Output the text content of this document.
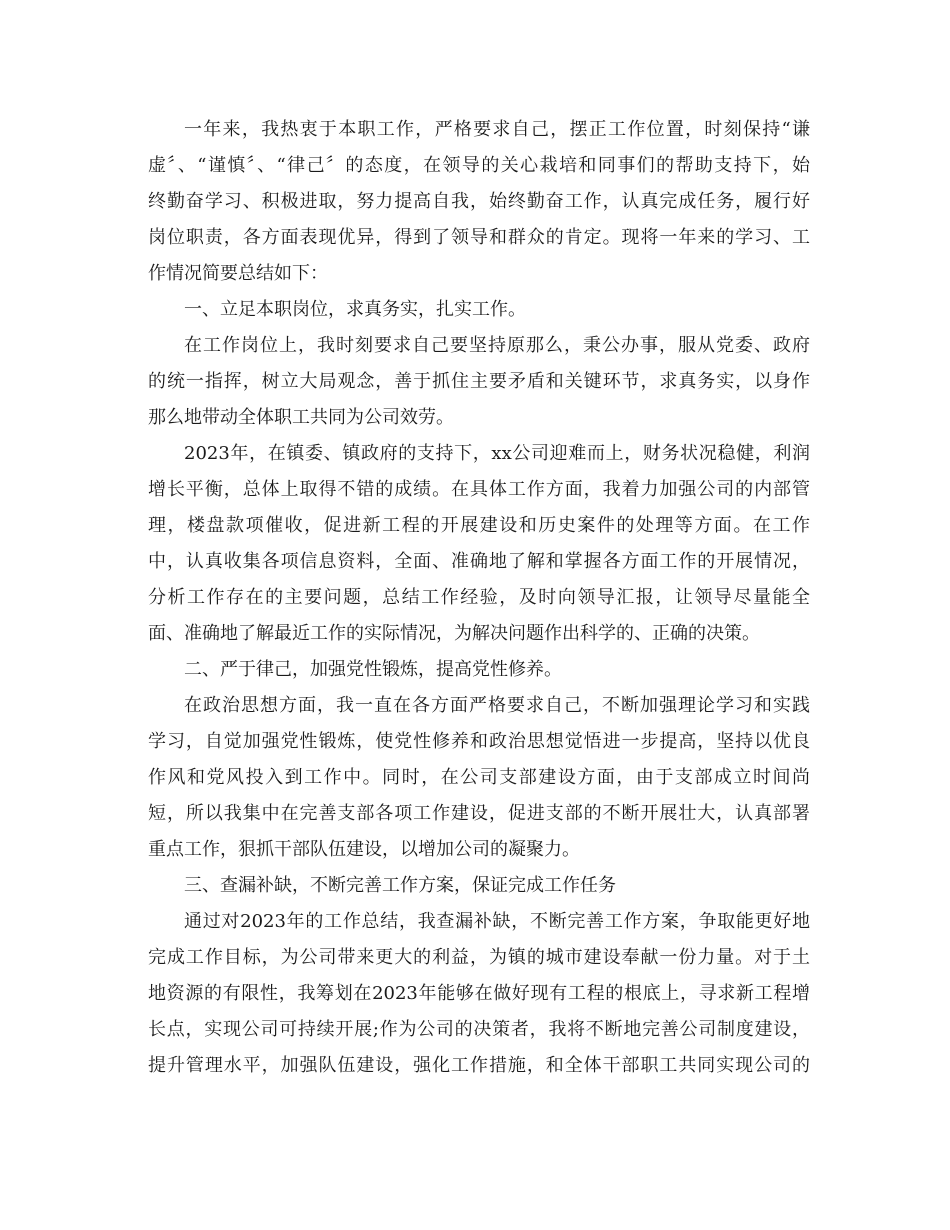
一年来，我热衷于本职工作，严格要求自己，摆正工作位置，时刻保持“谦
虚〞、“谨慎〞、“律己〞的态度，在领导的关心栽培和同事们的帮助支持下，始
终勤奋学习、积极进取，努力提高自我，始终勤奋工作，认真完成任务，履行好
岗位职责，各方面表现优异，得到了领导和群众的肯定。现将一年来的学习、工
作情况简要总结如下：
一、立足本职岗位，求真务实，扎实工作。
在工作岗位上，我时刻要求自己要坚持原那么，秉公办事，服从党委、政府
的统一指挥，树立大局观念，善于抓住主要矛盾和关键环节，求真务实，以身作
那么地带动全体职工共同为公司效劳。
2023年，在镇委、镇政府的支持下，xx公司迎难而上，财务状况稳健，利润
增长平衡，总体上取得不错的成绩。在具体工作方面，我着力加强公司的内部管
理，楼盘款项催收，促进新工程的开展建设和历史案件的处理等方面。在工作
中，认真收集各项信息资料，全面、准确地了解和掌握各方面工作的开展情况，
分析工作存在的主要问题，总结工作经验，及时向领导汇报，让领导尽量能全
面、准确地了解最近工作的实际情况，为解决问题作出科学的、正确的决策。
二、严于律己，加强党性锻炼，提高党性修养。
在政治思想方面，我一直在各方面严格要求自己，不断加强理论学习和实践
学习，自觉加强党性锻炼，使党性修养和政治思想觉悟进一步提高，坚持以优良
作风和党风投入到工作中。同时，在公司支部建设方面，由于支部成立时间尚
短，所以我集中在完善支部各项工作建设，促进支部的不断开展壮大，认真部署
重点工作，狠抓干部队伍建设，以增加公司的凝聚力。
三、查漏补缺，不断完善工作方案，保证完成工作任务
通过对2023年的工作总结，我查漏补缺，不断完善工作方案，争取能更好地
完成工作目标，为公司带来更大的利益，为镇的城市建设奉献一份力量。对于土
地资源的有限性，我筹划在2023年能够在做好现有工程的根底上，寻求新工程增
长点，实现公司可持续开展;作为公司的决策者，我将不断地完善公司制度建设，
提升管理水平，加强队伍建设，强化工作措施，和全体干部职工共同实现公司的
